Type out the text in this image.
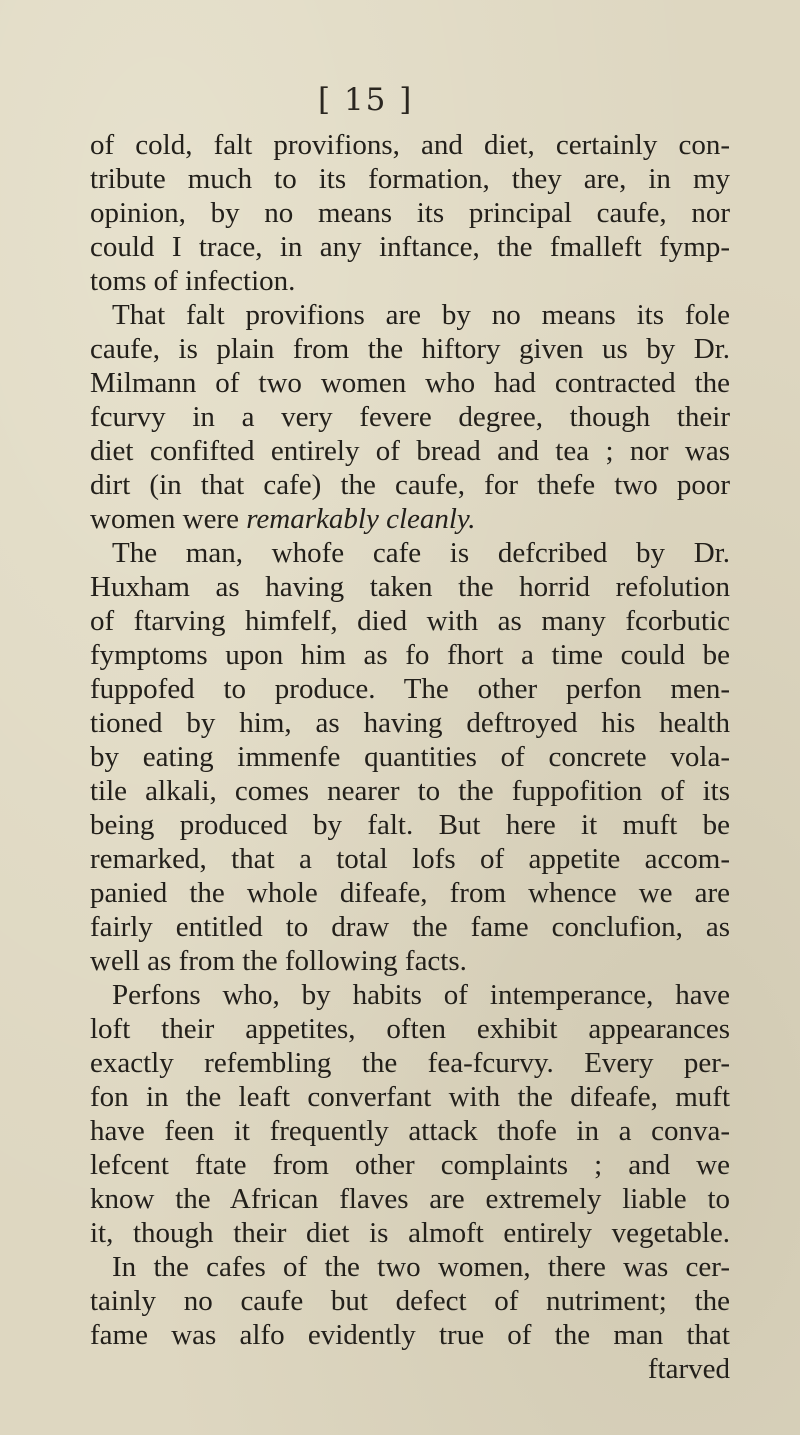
[ 15 ]
of cold, falt provifions, and diet, certainly con-
tribute much to its formation, they are, in my
opinion, by no means its principal caufe, nor
could I trace, in any inftance, the fmalleft fymp-
toms of infection.
That falt provifions are by no means its fole
caufe, is plain from the hiftory given us by Dr.
Milmann of two women who had contracted the
fcurvy in a very fevere degree, though their
diet confifted entirely of bread and tea ; nor was
dirt (in that cafe) the caufe, for thefe two poor
women were remarkably cleanly.
The man, whofe cafe is defcribed by Dr.
Huxham as having taken the horrid refolution
of ftarving himfelf, died with as many fcorbutic
fymptoms upon him as fo fhort a time could be
fuppofed to produce. The other perfon men-
tioned by him, as having deftroyed his health
by eating immenfe quantities of concrete vola-
tile alkali, comes nearer to the fuppofition of its
being produced by falt. But here it muft be
remarked, that a total lofs of appetite accom-
panied the whole difeafe, from whence we are
fairly entitled to draw the fame conclufion, as
well as from the following facts.
Perfons who, by habits of intemperance, have
loft their appetites, often exhibit appearances
exactly refembling the fea-fcurvy. Every per-
fon in the leaft converfant with the difeafe, muft
have feen it frequently attack thofe in a conva-
lefcent ftate from other complaints ; and we
know the African flaves are extremely liable to
it, though their diet is almoft entirely vegetable.
In the cafes of the two women, there was cer-
tainly no caufe but defect of nutriment; the
fame was alfo evidently true of the man that
ftarved
